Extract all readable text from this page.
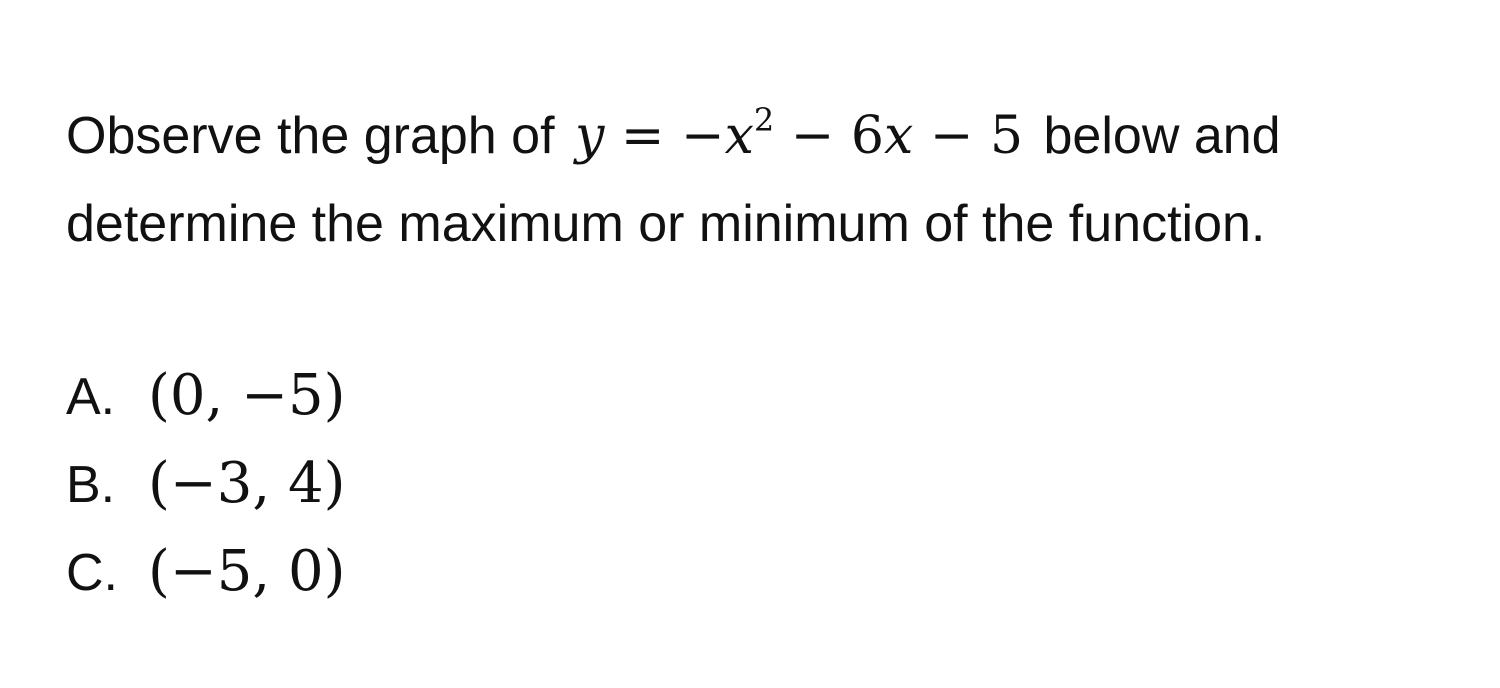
Observe the graph of $y = -x^2 - 6x - 5$ below and determine the maximum or minimum of the function.
A. (0, −5)
B. (−3, 4)
C. (−5, 0)
